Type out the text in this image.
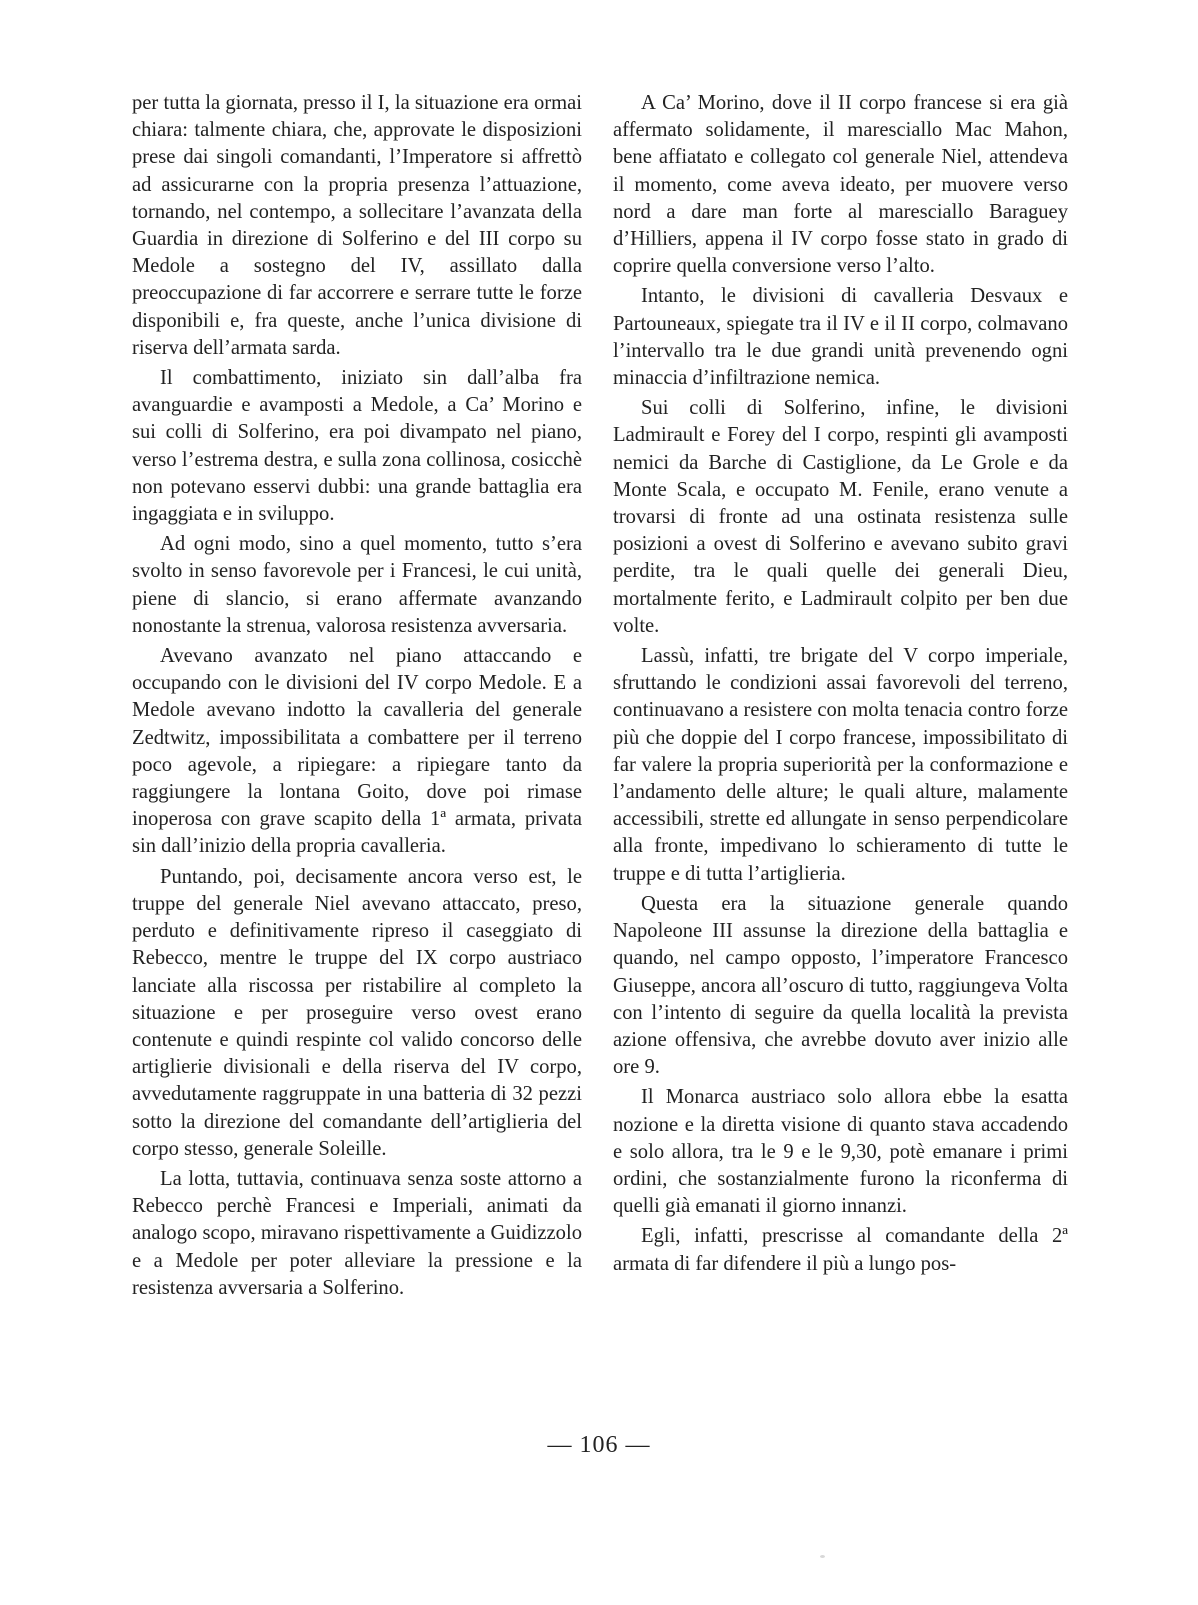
per tutta la giornata, presso il I, la situazione era ormai chiara: talmente chiara, che, approvate le disposizioni prese dai singoli comandanti, l’Imperatore si affrettò ad assicurarne con la propria presenza l’attuazione, tornando, nel contempo, a sollecitare l’avanzata della Guardia in direzione di Solferino e del III corpo su Medole a sostegno del IV, assillato dalla preoccupazione di far accorrere e serrare tutte le forze disponibili e, fra queste, anche l’unica divisione di riserva dell’armata sarda.

Il combattimento, iniziato sin dall’alba fra avanguardie e avamposti a Medole, a Ca’ Morino e sui colli di Solferino, era poi divampato nel piano, verso l’estrema destra, e sulla zona collinosa, cosicchè non potevano esservi dubbi: una grande battaglia era ingaggiata e in sviluppo.

Ad ogni modo, sino a quel momento, tutto s’era svolto in senso favorevole per i Francesi, le cui unità, piene di slancio, si erano affermate avanzando nonostante la strenua, valorosa resistenza avversaria.

Avevano avanzato nel piano attaccando e occupando con le divisioni del IV corpo Medole. E a Medole avevano indotto la cavalleria del generale Zedtwitz, impossibilitata a combattere per il terreno poco agevole, a ripiegare: a ripiegare tanto da raggiungere la lontana Goito, dove poi rimase inoperosa con grave scapito della 1ª armata, privata sin dall’inizio della propria cavalleria.

Puntando, poi, decisamente ancora verso est, le truppe del generale Niel avevano attaccato, preso, perduto e definitivamente ripreso il caseggiato di Rebecco, mentre le truppe del IX corpo austriaco lanciate alla riscossa per ristabilire al completo la situazione e per proseguire verso ovest erano contenute e quindi respinte col valido concorso delle artiglierie divisionali e della riserva del IV corpo, avvedutamente raggruppate in una batteria di 32 pezzi sotto la direzione del comandante dell’artiglieria del corpo stesso, generale Soleille.

La lotta, tuttavia, continuava senza soste attorno a Rebecco perchè Francesi e Imperiali, animati da analogo scopo, miravano rispettivamente a Guidizzolo e a Medole per poter alleviare la pressione e la resistenza avversaria a Solferino.

A Ca’ Morino, dove il II corpo francese si era già affermato solidamente, il maresciallo Mac Mahon, bene affiatato e collegato col generale Niel, attendeva il momento, come aveva ideato, per muovere verso nord a dare man forte al maresciallo Baraguey d’Hilliers, appena il IV corpo fosse stato in grado di coprire quella conversione verso l’alto.

Intanto, le divisioni di cavalleria Desvaux e Partouneaux, spiegate tra il IV e il II corpo, colmavano l’intervallo tra le due grandi unità prevenendo ogni minaccia d’infiltrazione nemica.

Sui colli di Solferino, infine, le divisioni Ladmirault e Forey del I corpo, respinti gli avamposti nemici da Barche di Castiglione, da Le Grole e da Monte Scala, e occupato M. Fenile, erano venute a trovarsi di fronte ad una ostinata resistenza sulle posizioni a ovest di Solferino e avevano subito gravi perdite, tra le quali quelle dei generali Dieu, mortalmente ferito, e Ladmirault colpito per ben due volte.

Lassù, infatti, tre brigate del V corpo imperiale, sfruttando le condizioni assai favorevoli del terreno, continuavano a resistere con molta tenacia contro forze più che doppie del I corpo francese, impossibilitato di far valere la propria superiorità per la conformazione e l’andamento delle alture; le quali alture, malamente accessibili, strette ed allungate in senso perpendicolare alla fronte, impedivano lo schieramento di tutte le truppe e di tutta l’artiglieria.

Questa era la situazione generale quando Napoleone III assunse la direzione della battaglia e quando, nel campo opposto, l’imperatore Francesco Giuseppe, ancora all’oscuro di tutto, raggiungeva Volta con l’intento di seguire da quella località la prevista azione offensiva, che avrebbe dovuto aver inizio alle ore 9.

Il Monarca austriaco solo allora ebbe la esatta nozione e la diretta visione di quanto stava accadendo e solo allora, tra le 9 e le 9,30, potè emanare i primi ordini, che sostanzialmente furono la riconferma di quelli già emanati il giorno innanzi.

Egli, infatti, prescrisse al comandante della 2ª armata di far difendere il più a lungo pos-

— 106 —
